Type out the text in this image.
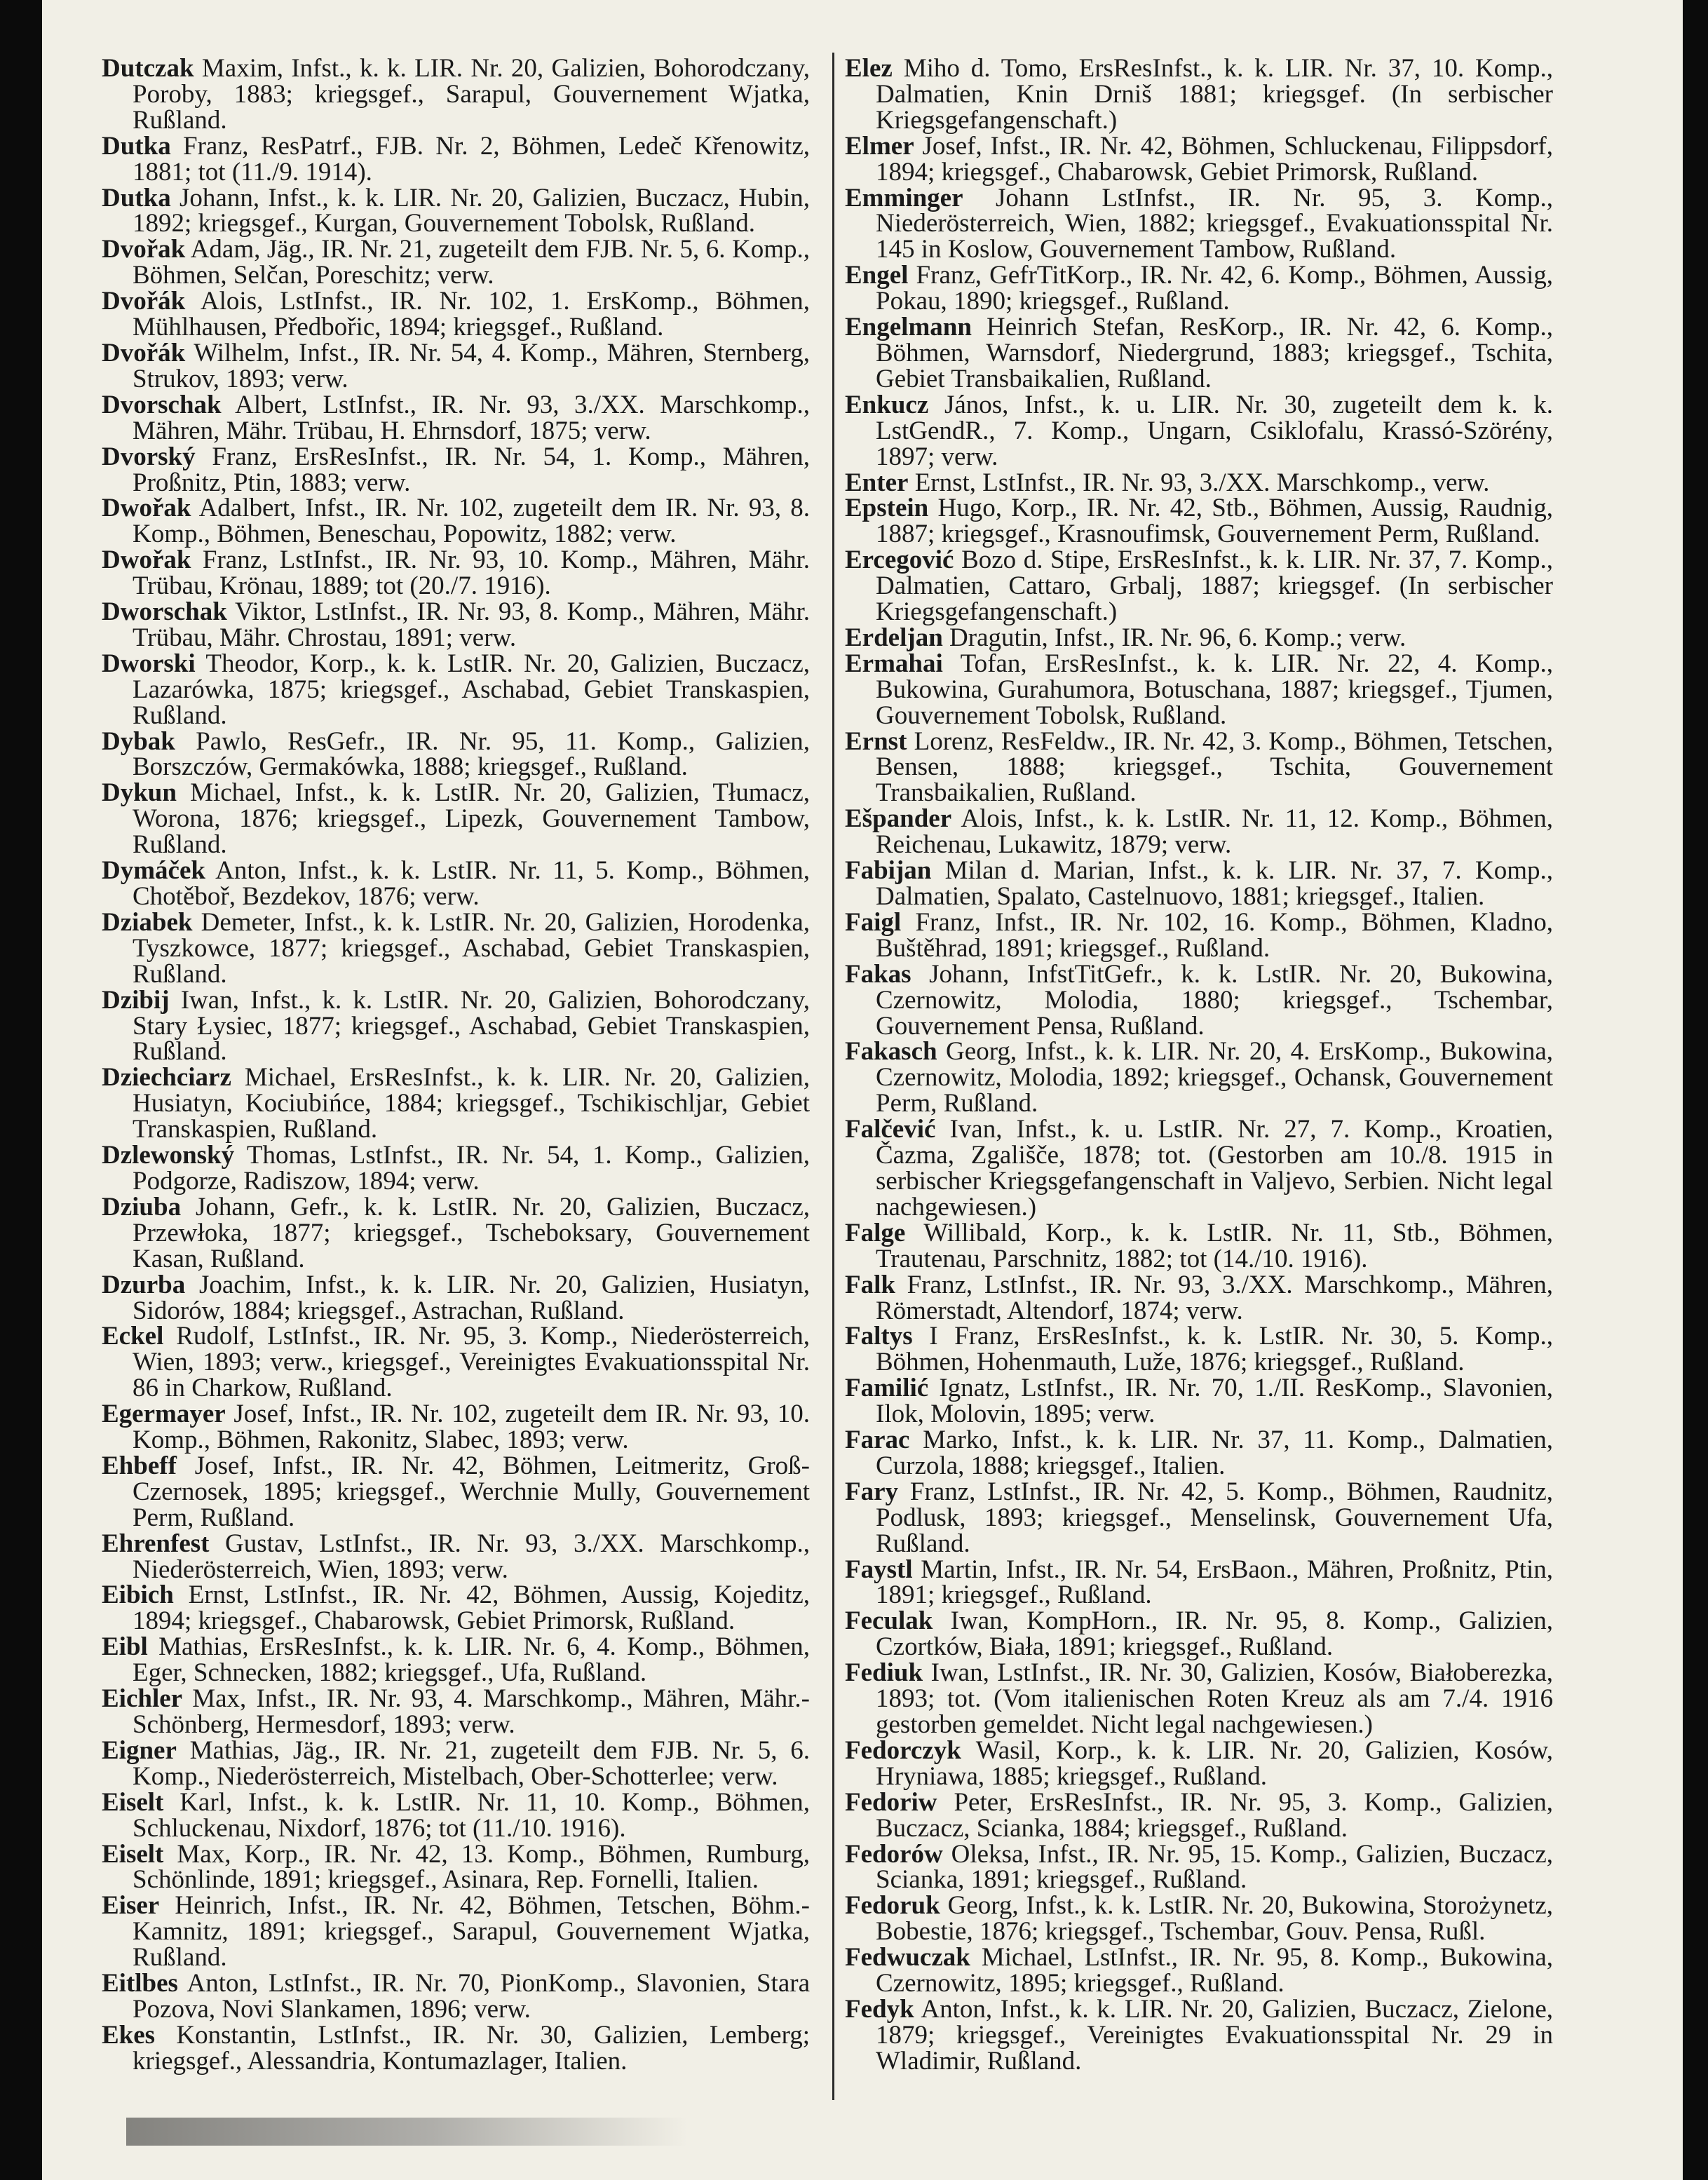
Dutczak Maxim, Infst., k. k. LIR. Nr. 20, Galizien, Bohorodczany, Poroby, 1883; kriegsgef., Sarapul, Gouvernement Wjatka, Rußland.

Dutka Franz, ResPatrf., FJB. Nr. 2, Böhmen, Ledeč Křenowitz, 1881; tot (11./9. 1914).

Dutka Johann, Infst., k. k. LIR. Nr. 20, Galizien, Buczacz, Hubin, 1892; kriegsgef., Kurgan, Gouvernement Tobolsk, Rußland.

Dvořak Adam, Jäg., IR. Nr. 21, zugeteilt dem FJB. Nr. 5, 6. Komp., Böhmen, Selčan, Poreschitz; verw.

Dvořák Alois, LstInfst., IR. Nr. 102, 1. ErsKomp., Böhmen, Mühlhausen, Předbořic, 1894; kriegsgef., Rußland.

Dvořák Wilhelm, Infst., IR. Nr. 54, 4. Komp., Mähren, Sternberg, Strukov, 1893; verw.

Dvorschak Albert, LstInfst., IR. Nr. 93, 3./XX. Marschkomp., Mähren, Mähr. Trübau, H. Ehrnsdorf, 1875; verw.

Dvorský Franz, ErsResInfst., IR. Nr. 54, 1. Komp., Mähren, Proßnitz, Ptin, 1883; verw.

Dwořak Adalbert, Infst., IR. Nr. 102, zugeteilt dem IR. Nr. 93, 8. Komp., Böhmen, Beneschau, Popowitz, 1882; verw.

Dwořak Franz, LstInfst., IR. Nr. 93, 10. Komp., Mähren, Mähr. Trübau, Krönau, 1889; tot (20./7. 1916).

Dworschak Viktor, LstInfst., IR. Nr. 93, 8. Komp., Mähren, Mähr. Trübau, Mähr. Chrostau, 1891; verw.

Dworski Theodor, Korp., k. k. LstIR. Nr. 20, Galizien, Buczacz, Lazarówka, 1875; kriegsgef., Aschabad, Gebiet Transkaspien, Rußland.

Dybak Pawlo, ResGefr., IR. Nr. 95, 11. Komp., Galizien, Borszczów, Germakówka, 1888; kriegsgef., Rußland.

Dykun Michael, Infst., k. k. LstIR. Nr. 20, Galizien, Tłumacz, Worona, 1876; kriegsgef., Lipezk, Gouvernement Tambow, Rußland.

Dymáček Anton, Infst., k. k. LstIR. Nr. 11, 5. Komp., Böhmen, Chotěboř, Bezdekov, 1876; verw.

Dziabek Demeter, Infst., k. k. LstIR. Nr. 20, Galizien, Horodenka, Tyszkowce, 1877; kriegsgef., Aschabad, Gebiet Transkaspien, Rußland.

Dzibij Iwan, Infst., k. k. LstIR. Nr. 20, Galizien, Bohorodczany, Stary Łysiec, 1877; kriegsgef., Aschabad, Gebiet Transkaspien, Rußland.

Dziechciarz Michael, ErsResInfst., k. k. LIR. Nr. 20, Galizien, Husiatyn, Kociubińce, 1884; kriegsgef., Tschikischljar, Gebiet Transkaspien, Rußland.

Dzlewonský Thomas, LstInfst., IR. Nr. 54, 1. Komp., Galizien, Podgorze, Radiszow, 1894; verw.

Dziuba Johann, Gefr., k. k. LstIR. Nr. 20, Galizien, Buczacz, Przewłoka, 1877; kriegsgef., Tscheboksary, Gouvernement Kasan, Rußland.

Dzurba Joachim, Infst., k. k. LIR. Nr. 20, Galizien, Husiatyn, Sidorów, 1884; kriegsgef., Astrachan, Rußland.

Eckel Rudolf, LstInfst., IR. Nr. 95, 3. Komp., Niederösterreich, Wien, 1893; verw., kriegsgef., Vereinigtes Evakuationsspital Nr. 86 in Charkow, Rußland.

Egermayer Josef, Infst., IR. Nr. 102, zugeteilt dem IR. Nr. 93, 10. Komp., Böhmen, Rakonitz, Slabec, 1893; verw.

Ehbeff Josef, Infst., IR. Nr. 42, Böhmen, Leitmeritz, Groß-Czernosek, 1895; kriegsgef., Werchnie Mully, Gouvernement Perm, Rußland.

Ehrenfest Gustav, LstInfst., IR. Nr. 93, 3./XX. Marschkomp., Niederösterreich, Wien, 1893; verw.

Eibich Ernst, LstInfst., IR. Nr. 42, Böhmen, Aussig, Kojeditz, 1894; kriegsgef., Chabarowsk, Gebiet Primorsk, Rußland.

Eibl Mathias, ErsResInfst., k. k. LIR. Nr. 6, 4. Komp., Böhmen, Eger, Schnecken, 1882; kriegsgef., Ufa, Rußland.

Eichler Max, Infst., IR. Nr. 93, 4. Marschkomp., Mähren, Mähr.-Schönberg, Hermesdorf, 1893; verw.

Eigner Mathias, Jäg., IR. Nr. 21, zugeteilt dem FJB. Nr. 5, 6. Komp., Niederösterreich, Mistelbach, Ober-Schotterlee; verw.

Eiselt Karl, Infst., k. k. LstIR. Nr. 11, 10. Komp., Böhmen, Schluckenau, Nixdorf, 1876; tot (11./10. 1916).

Eiselt Max, Korp., IR. Nr. 42, 13. Komp., Böhmen, Rumburg, Schönlinde, 1891; kriegsgef., Asinara, Rep. Fornelli, Italien.

Eiser Heinrich, Infst., IR. Nr. 42, Böhmen, Tetschen, Böhm.-Kamnitz, 1891; kriegsgef., Sarapul, Gouvernement Wjatka, Rußland.

Eitlbes Anton, LstInfst., IR. Nr. 70, PionKomp., Slavonien, Stara Pozova, Novi Slankamen, 1896; verw.

Ekes Konstantin, LstInfst., IR. Nr. 30, Galizien, Lemberg; kriegsgef., Alessandria, Kontumazlager, Italien.

Elez Miho d. Tomo, ErsResInfst., k. k. LIR. Nr. 37, 10. Komp., Dalmatien, Knin Drniš 1881; kriegsgef. (In serbischer Kriegsgefangenschaft.)

Elmer Josef, Infst., IR. Nr. 42, Böhmen, Schluckenau, Filippsdorf, 1894; kriegsgef., Chabarowsk, Gebiet Primorsk, Rußland.

Emminger Johann LstInfst., IR. Nr. 95, 3. Komp., Niederösterreich, Wien, 1882; kriegsgef., Evakuationsspital Nr. 145 in Koslow, Gouvernement Tambow, Rußland.

Engel Franz, GefrTitKorp., IR. Nr. 42, 6. Komp., Böhmen, Aussig, Pokau, 1890; kriegsgef., Rußland.

Engelmann Heinrich Stefan, ResKorp., IR. Nr. 42, 6. Komp., Böhmen, Warnsdorf, Niedergrund, 1883; kriegsgef., Tschita, Gebiet Transbaikalien, Rußland.

Enkucz János, Infst., k. u. LIR. Nr. 30, zugeteilt dem k. k. LstGendR., 7. Komp., Ungarn, Csiklofalu, Krassó-Szörény, 1897; verw.

Enter Ernst, LstInfst., IR. Nr. 93, 3./XX. Marschkomp., verw.

Epstein Hugo, Korp., IR. Nr. 42, Stb., Böhmen, Aussig, Raudnig, 1887; kriegsgef., Krasnoufimsk, Gouvernement Perm, Rußland.

Ercegović Bozo d. Stipe, ErsResInfst., k. k. LIR. Nr. 37, 7. Komp., Dalmatien, Cattaro, Grbalj, 1887; kriegsgef. (In serbischer Kriegsgefangenschaft.)

Erdeljan Dragutin, Infst., IR. Nr. 96, 6. Komp.; verw.

Ermahai Tofan, ErsResInfst., k. k. LIR. Nr. 22, 4. Komp., Bukowina, Gurahumora, Botuschana, 1887; kriegsgef., Tjumen, Gouvernement Tobolsk, Rußland.

Ernst Lorenz, ResFeldw., IR. Nr. 42, 3. Komp., Böhmen, Tetschen, Bensen, 1888; kriegsgef., Tschita, Gouvernement Transbaikalien, Rußland.

Ešpander Alois, Infst., k. k. LstIR. Nr. 11, 12. Komp., Böhmen, Reichenau, Lukawitz, 1879; verw.

Fabijan Milan d. Marian, Infst., k. k. LIR. Nr. 37, 7. Komp., Dalmatien, Spalato, Castelnuovo, 1881; kriegsgef., Italien.

Faigl Franz, Infst., IR. Nr. 102, 16. Komp., Böhmen, Kladno, Buštěhrad, 1891; kriegsgef., Rußland.

Fakas Johann, InfstTitGefr., k. k. LstIR. Nr. 20, Bukowina, Czernowitz, Molodia, 1880; kriegsgef., Tschembar, Gouvernement Pensa, Rußland.

Fakasch Georg, Infst., k. k. LIR. Nr. 20, 4. ErsKomp., Bukowina, Czernowitz, Molodia, 1892; kriegsgef., Ochansk, Gouvernement Perm, Rußland.

Falčević Ivan, Infst., k. u. LstIR. Nr. 27, 7. Komp., Kroatien, Čazma, Zgališče, 1878; tot. (Gestorben am 10./8. 1915 in serbischer Kriegsgefangenschaft in Valjevo, Serbien. Nicht legal nachgewiesen.)

Falge Willibald, Korp., k. k. LstIR. Nr. 11, Stb., Böhmen, Trautenau, Parschnitz, 1882; tot (14./10. 1916).

Falk Franz, LstInfst., IR. Nr. 93, 3./XX. Marschkomp., Mähren, Römerstadt, Altendorf, 1874; verw.

Faltys I Franz, ErsResInfst., k. k. LstIR. Nr. 30, 5. Komp., Böhmen, Hohenmauth, Luže, 1876; kriegsgef., Rußland.

Familić Ignatz, LstInfst., IR. Nr. 70, 1./II. ResKomp., Slavonien, Ilok, Molovin, 1895; verw.

Farac Marko, Infst., k. k. LIR. Nr. 37, 11. Komp., Dalmatien, Curzola, 1888; kriegsgef., Italien.

Fary Franz, LstInfst., IR. Nr. 42, 5. Komp., Böhmen, Raudnitz, Podlusk, 1893; kriegsgef., Menselinsk, Gouvernement Ufa, Rußland.

Faystl Martin, Infst., IR. Nr. 54, ErsBaon., Mähren, Proßnitz, Ptin, 1891; kriegsgef., Rußland.

Feculak Iwan, KompHorn., IR. Nr. 95, 8. Komp., Galizien, Czortków, Biała, 1891; kriegsgef., Rußland.

Fediuk Iwan, LstInfst., IR. Nr. 30, Galizien, Kosów, Białoberezka, 1893; tot. (Vom italienischen Roten Kreuz als am 7./4. 1916 gestorben gemeldet. Nicht legal nachgewiesen.)

Fedorczyk Wasil, Korp., k. k. LIR. Nr. 20, Galizien, Kosów, Hryniawa, 1885; kriegsgef., Rußland.

Fedoriw Peter, ErsResInfst., IR. Nr. 95, 3. Komp., Galizien, Buczacz, Scianka, 1884; kriegsgef., Rußland.

Fedorów Oleksa, Infst., IR. Nr. 95, 15. Komp., Galizien, Buczacz, Scianka, 1891; kriegsgef., Rußland.

Fedoruk Georg, Infst., k. k. LstIR. Nr. 20, Bukowina, Storożynetz, Bobestie, 1876; kriegsgef., Tschembar, Gouv. Pensa, Rußl.

Fedwuczak Michael, LstInfst., IR. Nr. 95, 8. Komp., Bukowina, Czernowitz, 1895; kriegsgef., Rußland.

Fedyk Anton, Infst., k. k. LIR. Nr. 20, Galizien, Buczacz, Zielone, 1879; kriegsgef., Vereinigtes Evakuationsspital Nr. 29 in Wladimir, Rußland.
